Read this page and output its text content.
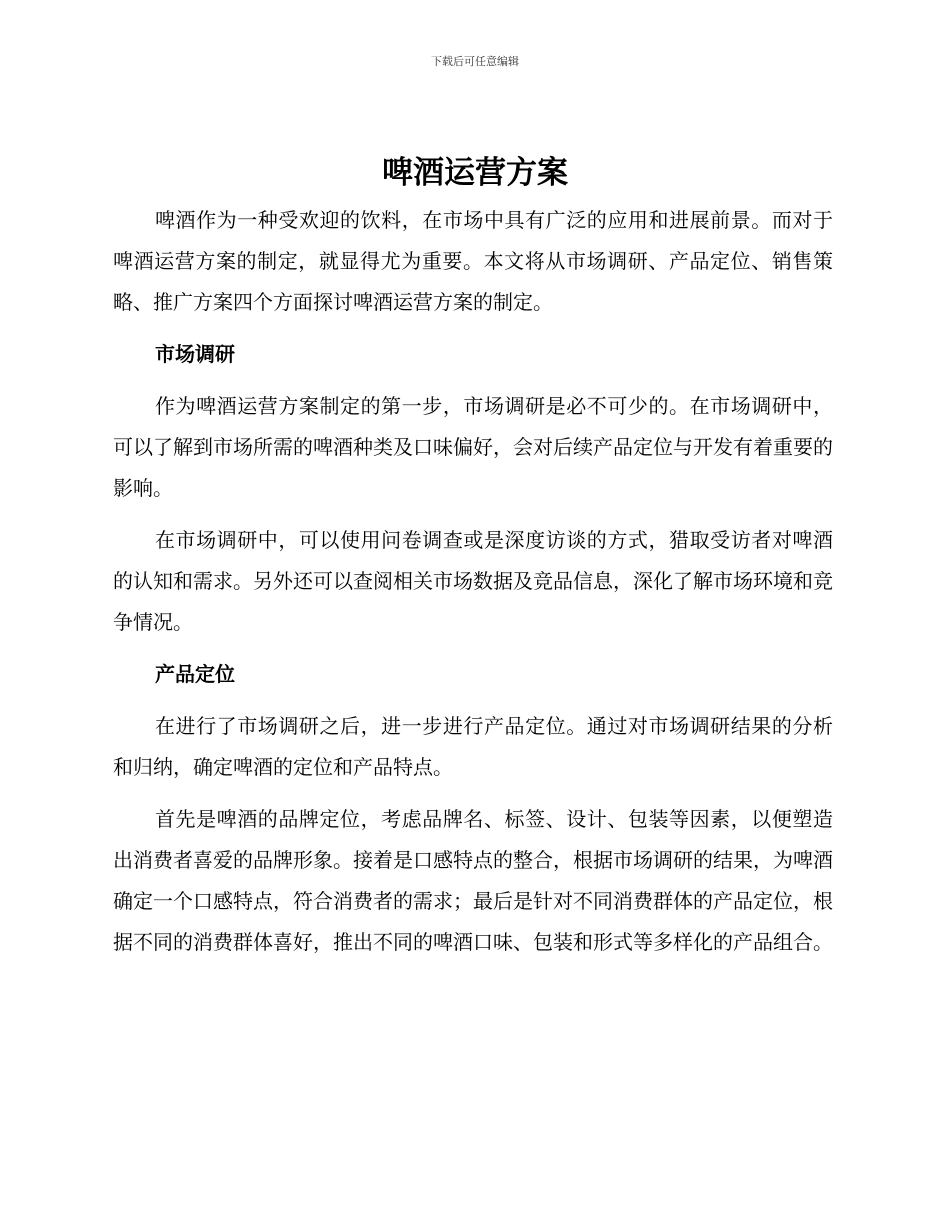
下载后可任意编辑
啤酒运营方案

啤酒作为一种受欢迎的饮料，在市场中具有广泛的应用和进展前景。而对于啤酒运营方案的制定，就显得尤为重要。本文将从市场调研、产品定位、销售策略、推广方案四个方面探讨啤酒运营方案的制定。

市场调研

作为啤酒运营方案制定的第一步，市场调研是必不可少的。在市场调研中，可以了解到市场所需的啤酒种类及口味偏好，会对后续产品定位与开发有着重要的影响。

在市场调研中，可以使用问卷调查或是深度访谈的方式，猎取受访者对啤酒的认知和需求。另外还可以查阅相关市场数据及竞品信息，深化了解市场环境和竞争情况。

产品定位

在进行了市场调研之后，进一步进行产品定位。通过对市场调研结果的分析和归纳，确定啤酒的定位和产品特点。

首先是啤酒的品牌定位，考虑品牌名、标签、设计、包装等因素，以便塑造出消费者喜爱的品牌形象。接着是口感特点的整合，根据市场调研的结果，为啤酒确定一个口感特点，符合消费者的需求；最后是针对不同消费群体的产品定位，根据不同的消费群体喜好，推出不同的啤酒口味、包装和形式等多样化的产品组合。
